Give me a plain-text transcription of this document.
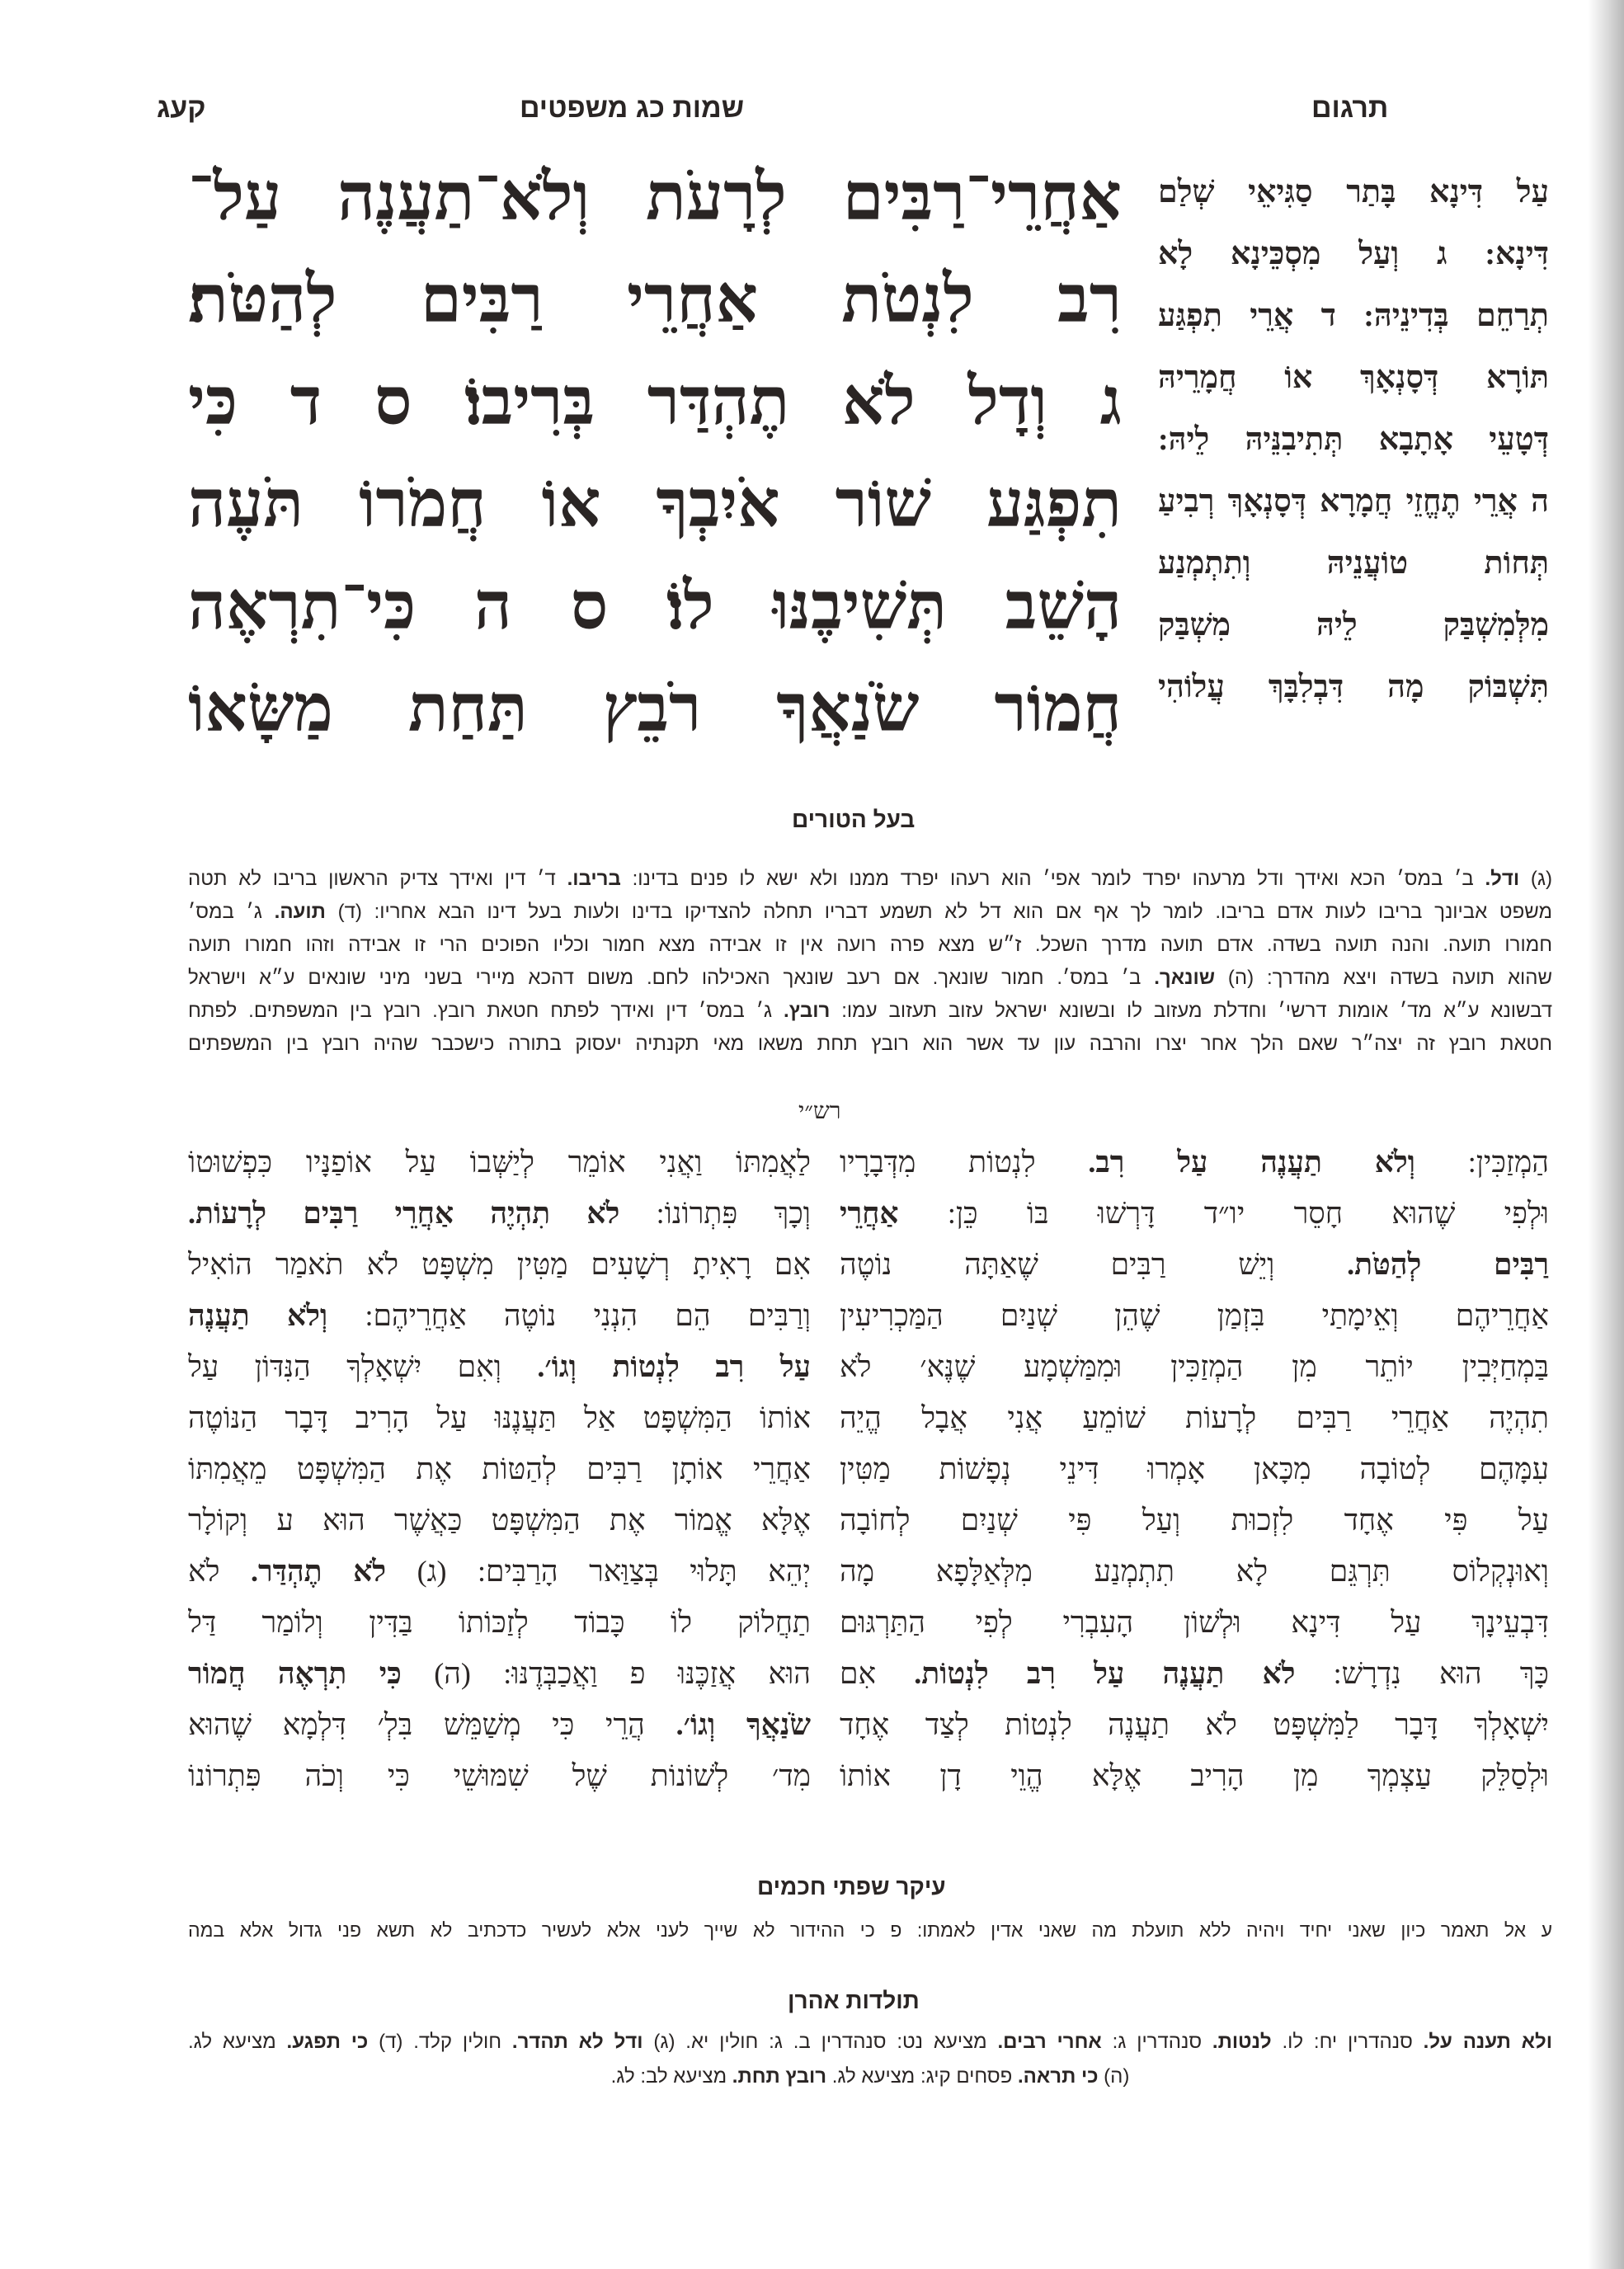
קעג	שמות כג משפטים	תרגום
אַחֲרֵי־רַבִּים לְרָעֹת וְלֹא־תַעֲנֶה עַל־
רִב לִנְטֹת אַחֲרֵי רַבִּים לְהַטֹּת׃
ג וְדָל לֹא תֶהְדַּר בְּרִיבוֹ׃ ס ד כִּי
תִפְגַּע שׁוֹר אֹיִבְךָ אוֹ חֲמֹרוֹ תֹּעֶה
הָשֵׁב תְּשִׁיבֶנּוּ לוֹ׃ ס ה כִּי־תִרְאֶה
חֲמוֹר שֹׂנַאֲךָ רֹבֵץ תַּחַת מַשָּׂאוֹ
עַל דִּינָא בָּתַר סַגִּיאֵי שְׁלַם
דִּינָא: ג וְעַל מִסְכֵּינָא לָא
תְרַחֵם בְּדִינֵיהּ: ד אֲרֵי תִפְגַּע
תּוֹרָא דְּסָנְאָךְ אוֹ חֲמָרֵיהּ
דְּטָעֵי אָתָבָא תְּתִיבִנֵּיהּ לֵיהּ:
ה אֲרֵי תֶחֱזֵי חֲמָרָא דְּסָנְאָךְ רְבִיעַ
תְּחוֹת טוֹעֲנֵיהּ וְתִתְמְנַע
מִלְּמִשְׁבַּק לֵיהּ מִשְׁבַּק
תִּשְׁבּוֹק מָה דִּבְלִבָּךְ עֲלוֹהִי
בעל הטורים
(ג) ודל. ב׳ במס׳ הכא ואידך ודל מרעהו יפרד לומר אפי׳ הוא רעהו יפרד ממנו ולא ישא לו פנים בדינו: בריבו. ד׳ דין ואידך צדיק הראשון בריבו לא תטה
משפט אביונך בריבו לעות אדם בריבו. לומר לך אף אם הוא דל לא תשמע דבריו תחלה להצדיקו בדינו ולעות בעל דינו הבא אחריו: (ד) תועה. ג׳ במס׳
חמורו תועה. והנה תועה בשדה. אדם תועה מדרך השכל. ז״ש מצא פרה רועה אין זו אבידה מצא חמור וכליו הפוכים הרי זו אבידה וזהו חמורו תועה
שהוא תועה בשדה ויצא מהדרך: (ה) שונאך. ב׳ במס׳. חמור שונאך. אם רעב שונאך האכילהו לחם. משום דהכא מיירי בשני מיני שונאים ע״א וישראל
דבשונא ע״א מד׳ אומות דרשי׳ וחדלת מעזוב לו ובשונא ישראל עזוב תעזוב עמו: רובץ. ג׳ במס׳ דין ואידך לפתח חטאת רובץ. רובץ בין המשפתים. לפתח
חטאת רובץ זה יצה״ר שאם הלך אחר יצרו והרבה עון עד אשר הוא רובץ תחת משאו מאי תקנתיה יעסוק בתורה כישכבר שהיה רובץ בין המשפתים
רש״י
הַמְזַכִּין: וְלֹא תַעֲנֶה עַל רִב. לִנְטוֹת מִדְּבָרָיו
וּלְפִי שֶׁהוּא חָסֵר יו״ד דָּרְשׁוּ בּוֹ כֵּן: אַחֲרֵי
רַבִּים לְהַטֹּת. וְיֵשׁ רַבִּים שֶׁאַתָּה נוֹטֶה
אַחֲרֵיהֶם וְאֵימָתַי בִּזְמַן שֶׁהֵן שְׁנַיִם הַמַּכְרִיעִין
בַּמְחַיְּבִין יוֹתֵר מִן הַמְזַכִּין וּמִמַּשְׁמָע שֶׁנֶּא׳ לֹא
תִהְיֶה אַחֲרֵי רַבִּים לְרָעוֹת שׁוֹמֵעַ אֲנִי אֲבָל הֱיֵה
עִמָּהֶם לְטוֹבָה מִכָּאן אָמְרוּ דִּינֵי נְפָשׁוֹת מַטִּין
עַל פִּי אֶחָד לִזְכוּת וְעַל פִּי שְׁנַיִם לְחוֹבָה
וְאוּנְקְלוֹס תִּרְגֵּם לָא תִתְמְנַע מִלְּאַלָּפָא מָה
דִּבְעֵינָךְ עַל דִּינָא וּלְשׁוֹן הָעִבְרִי לְפִי הַתַּרְגּוּם
כָּךְ הוּא נִדְרָשׁ: לֹא תַעֲנֶה עַל רִב לִנְטוֹת. אִם
יִשְׁאָלְךָ דָּבָר לַמִּשְׁפָּט לֹא תַעֲנֶה לִנְטוֹת לְצַד אֶחָד
וּלְסַלֵּק עַצְמְךָ מִן הָרִיב אֶלָּא הֱוֵי דָן אוֹתוֹ
לַאֲמִתּוֹ וַאֲנִי אוֹמֵר לְיַשְּׁבוֹ עַל אוֹפַנָּיו כִּפְשׁוּטוֹ
וְכָךְ פִּתְרוֹנוֹ: לֹא תִהְיֶה אַחֲרֵי רַבִּים לְרָעוֹת.
אִם רָאִיתָ רְשָׁעִים מַטִּין מִשְׁפָּט לֹא תֹאמַר הוֹאִיל
וְרַבִּים הֵם הִנְנִי נוֹטֶה אַחֲרֵיהֶם: וְלֹא תַעֲנֶה
עַל רִב לִנְטוֹת וְגוֹ׳. וְאִם יִשְׁאָלְךָ הַנִּדּוֹן עַל
אוֹתוֹ הַמִּשְׁפָּט אַל תַּעֲנֶנּוּ עַל הָרִיב דָּבָר הַנּוֹטֶה
אַחֲרֵי אוֹתָן רַבִּים לְהַטּוֹת אֶת הַמִּשְׁפָּט מֵאֲמִתּוֹ
אֶלָּא אֱמוֹר אֶת הַמִּשְׁפָּט כַּאֲשֶׁר הוּא ע וְקוֹלָר
יְהֵא תָּלוּי בְּצַוַּאר הָרַבִּים: (ג) לֹא תֶהְדַּר. לֹא
תַחֲלוֹק לוֹ כָּבוֹד לְזַכּוֹתוֹ בַּדִּין וְלוֹמַר דַּל
הוּא אֲזַכֶּנּוּ פ וַאֲכַבְּדֶנּוּ: (ה) כִּי תִרְאֶה חֲמוֹר
שֹׂנַאֲךָ וְגוֹ׳. הֲרֵי כִּי מְשַׁמֵּשׁ בִּלְ׳ דִּלְמָא שֶׁהוּא
מִד׳ לְשׁוֹנוֹת שֶׁל שִׁמּוּשֵׁי כִּי וְכֹה פִּתְרוֹנוֹ
עיקר שפתי חכמים
ע אל תאמר כיון שאני יחיד ויהיה ללא תועלת מה שאני אדין לאמתו: פ כי ההידור לא שייך לעני אלא לעשיר כדכתיב לא תשא פני גדול אלא במה
תולדות אהרן
ולא תענה על. סנהדרין יח: לו. לנטות. סנהדרין ג: אחרי רבים. מציעא נט: סנהדרין ב. ג: חולין יא. (ג) ודל לא תהדר. חולין קלד. (ד) כי תפגע. מציעא לג.
(ה) כי תראה. פסחים קיג: מציעא לג. רובץ תחת. מציעא לב: לג.
